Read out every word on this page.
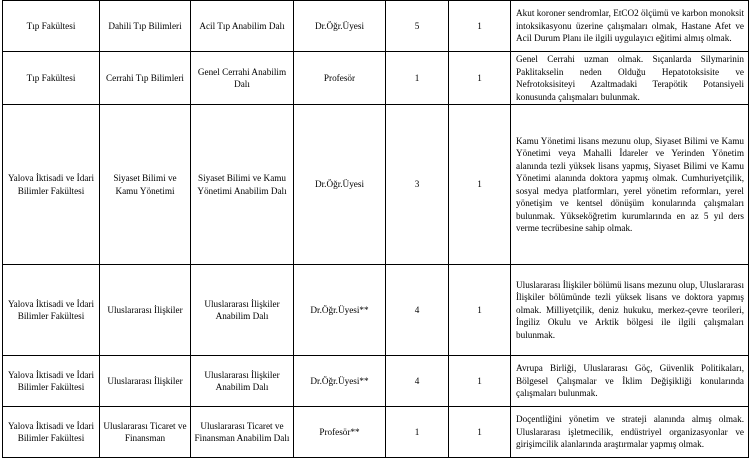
Tıp Fakültesi	Dahili Tıp Bilimleri	Acil Tıp Anabilim Dalı	Dr.Öğr.Üyesi	5	1	Akut koroner sendromlar, EtCO2 ölçümü ve karbon monoksit intoksikasyonu üzerine çalışmaları olmak, Hastane Afet ve Acil Durum Planı ile ilgili uygulayıcı eğitimi almış olmak.

Tıp Fakültesi	Cerrahi Tıp Bilimleri	Genel Cerrahi Anabilim Dalı	Profesör	1	1	Genel Cerrahi uzman olmak. Sıçanlarda Silymarinin Paklitakselin neden Olduğu Hepatotoksisite ve Nefrotoksisiteyi Azaltmadaki Terapötik Potansiyeli konusunda çalışmaları bulunmak.

Yalova İktisadi ve İdari Bilimler Fakültesi	Siyaset Bilimi ve Kamu Yönetimi	Siyaset Bilimi ve Kamu Yönetimi Anabilim Dalı	Dr.Öğr.Üyesi	3	1	Kamu Yönetimi lisans mezunu olup, Siyaset Bilimi ve Kamu Yönetimi veya Mahalli İdareler ve Yerinden Yönetim alanında tezli yüksek lisans yapmış, Siyaset Bilimi ve Kamu Yönetimi alanında doktora yapmış olmak. Cumhuriyetçilik, sosyal medya platformları, yerel yönetim reformları, yerel yönetişim ve kentsel dönüşüm konularında çalışmaları bulunmak. Yükseköğretim kurumlarında en az 5 yıl ders verme tecrübesine sahip olmak.

Yalova İktisadi ve İdari Bilimler Fakültesi	Uluslararası İlişkiler	Uluslararası İlişkiler Anabilim Dalı	Dr.Öğr.Üyesi**	4	1	Uluslararası İlişkiler bölümü lisans mezunu olup, Uluslararası İlişkiler bölümünde tezli yüksek lisans ve doktora yapmış olmak. Milliyetçilik, deniz hukuku, merkez-çevre teorileri, İngiliz Okulu ve Arktik bölgesi ile ilgili çalışmaları bulunmak.

Yalova İktisadi ve İdari Bilimler Fakültesi	Uluslararası İlişkiler	Uluslararası İlişkiler Anabilim Dalı	Dr.Öğr.Üyesi**	4	1	Avrupa Birliği, Uluslararası Göç, Güvenlik Politikaları, Bölgesel Çalışmalar ve İklim Değişikliği konularında çalışmaları bulunmak.

Yalova İktisadi ve İdari Bilimler Fakültesi	Uluslararası Ticaret ve Finansman	Uluslararası Ticaret ve Finansman Anabilim Dalı	Profesör**	1	1	Doçentliğini yönetim ve strateji alanında almış olmak. Uluslararası işletmecilik, endüstriyel organizasyonlar ve girişimcilik alanlarında araştırmalar yapmış olmak.
